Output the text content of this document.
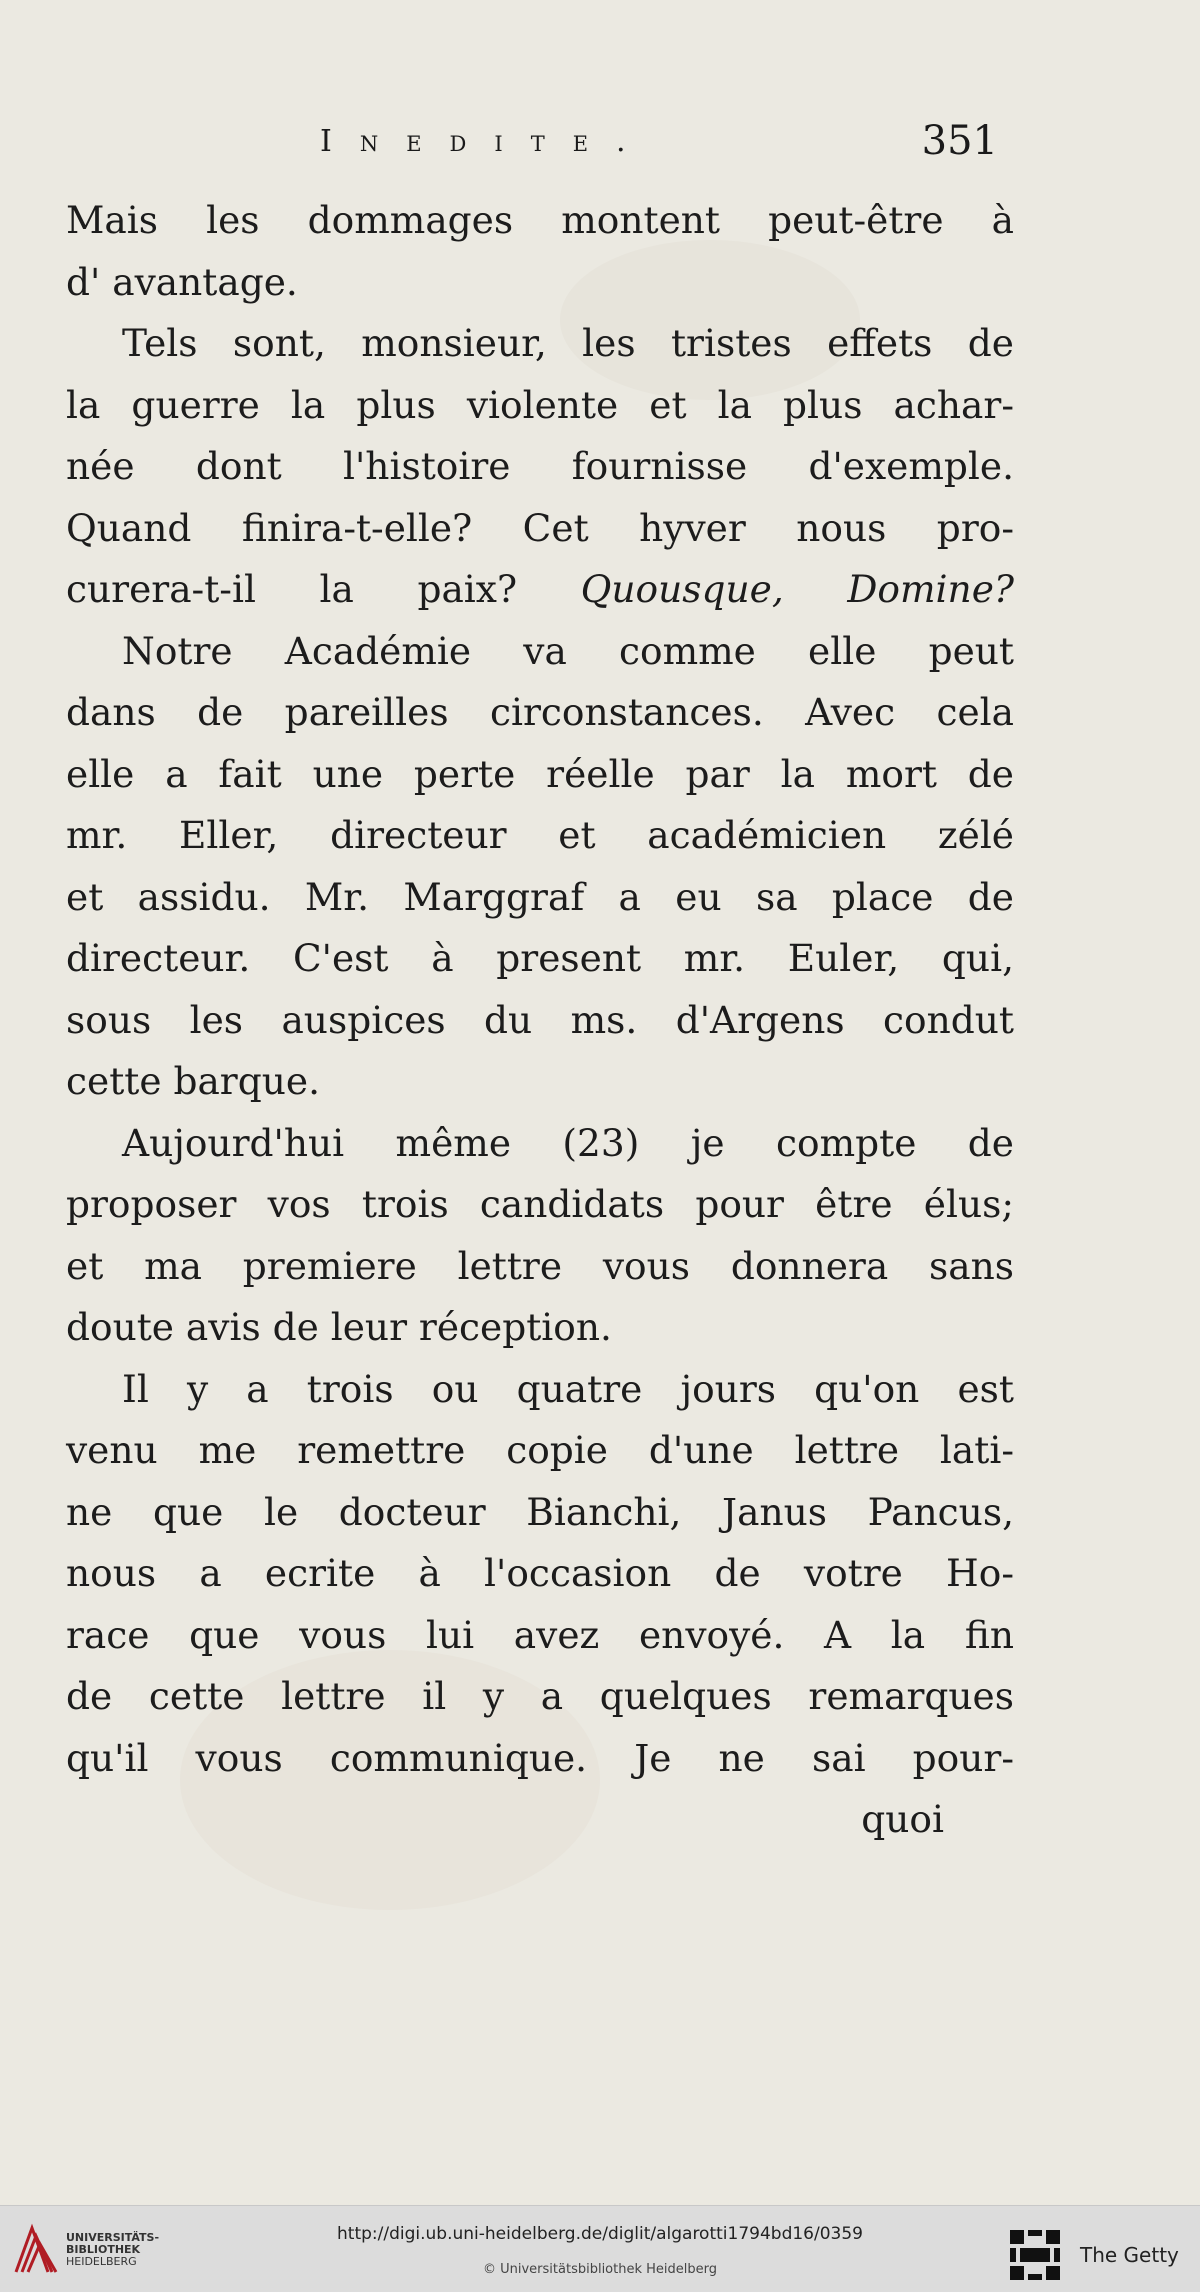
Inedite.	351
Mais les dommages montent peut-être à
d' avantage.
Tels sont, monsieur, les tristes effets de
la guerre la plus violente et la plus achar-
née dont l'histoire fournisse d'exemple.
Quand finira-t-elle? Cet hyver nous pro-
curera-t-il la paix? Quousque, Domine?
Notre Académie va comme elle peut
dans de pareilles circonstances. Avec cela
elle a fait une perte réelle par la mort de
mr. Eller, directeur et académicien zélé
et assidu. Mr. Marggraf a eu sa place de
directeur. C'est à present mr. Euler, qui,
sous les auspices du ms. d'Argens condut
cette barque.
Aujourd'hui même (23) je compte de
proposer vos trois candidats pour être élus;
et ma premiere lettre vous donnera sans
doute avis de leur réception.
Il y a trois ou quatre jours qu'on est
venu me remettre copie d'une lettre lati-
ne que le docteur Bianchi, Janus Pancus,
nous a ecrite à l'occasion de votre Ho-
race que vous lui avez envoyé. A la fin
de cette lettre il y a quelques remarques
qu'il vous communique. Je ne sai pour-
quoi
UNIVERSITÄTS-
BIBLIOTHEK
HEIDELBERG
http://digi.ub.uni-heidelberg.de/diglit/algarotti1794bd16/0359
© Universitätsbibliothek Heidelberg
The Getty
